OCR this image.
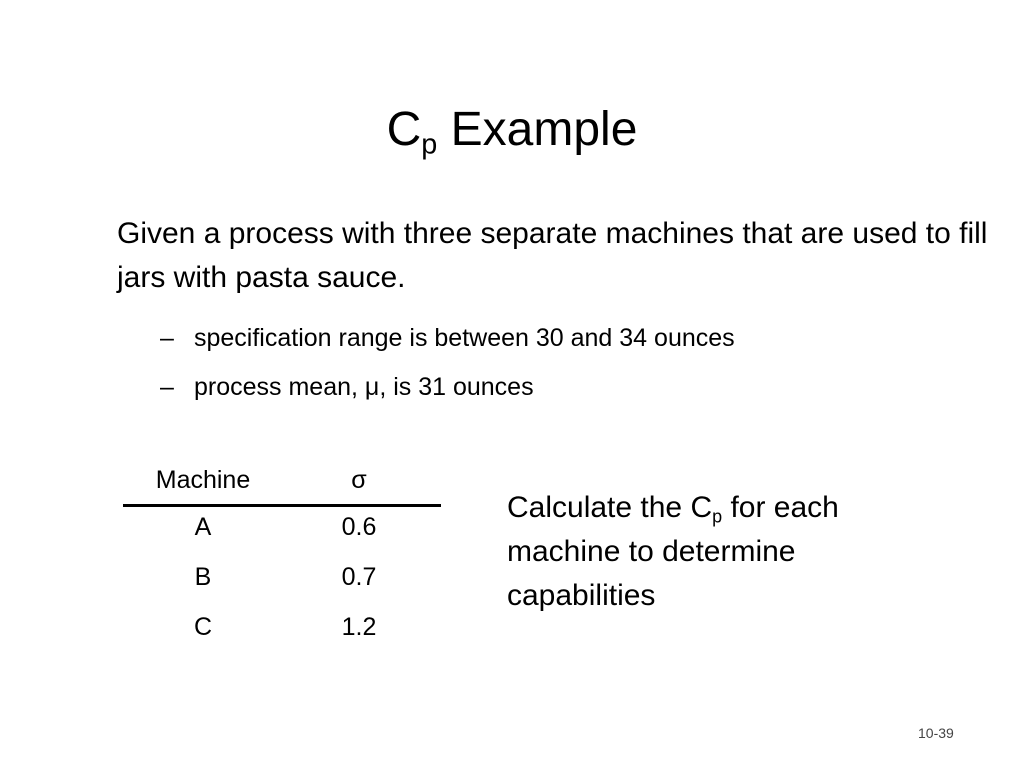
$C_p$ Example
Given a process with three separate machines that are used to fill jars with pasta sauce.
– specification range is between 30 and 34 ounces
– process mean, μ, is 31 ounces
Machine	σ
A	0.6
B	0.7
C	1.2
Calculate the $C_p$ for each machine to determine capabilities
10-39
